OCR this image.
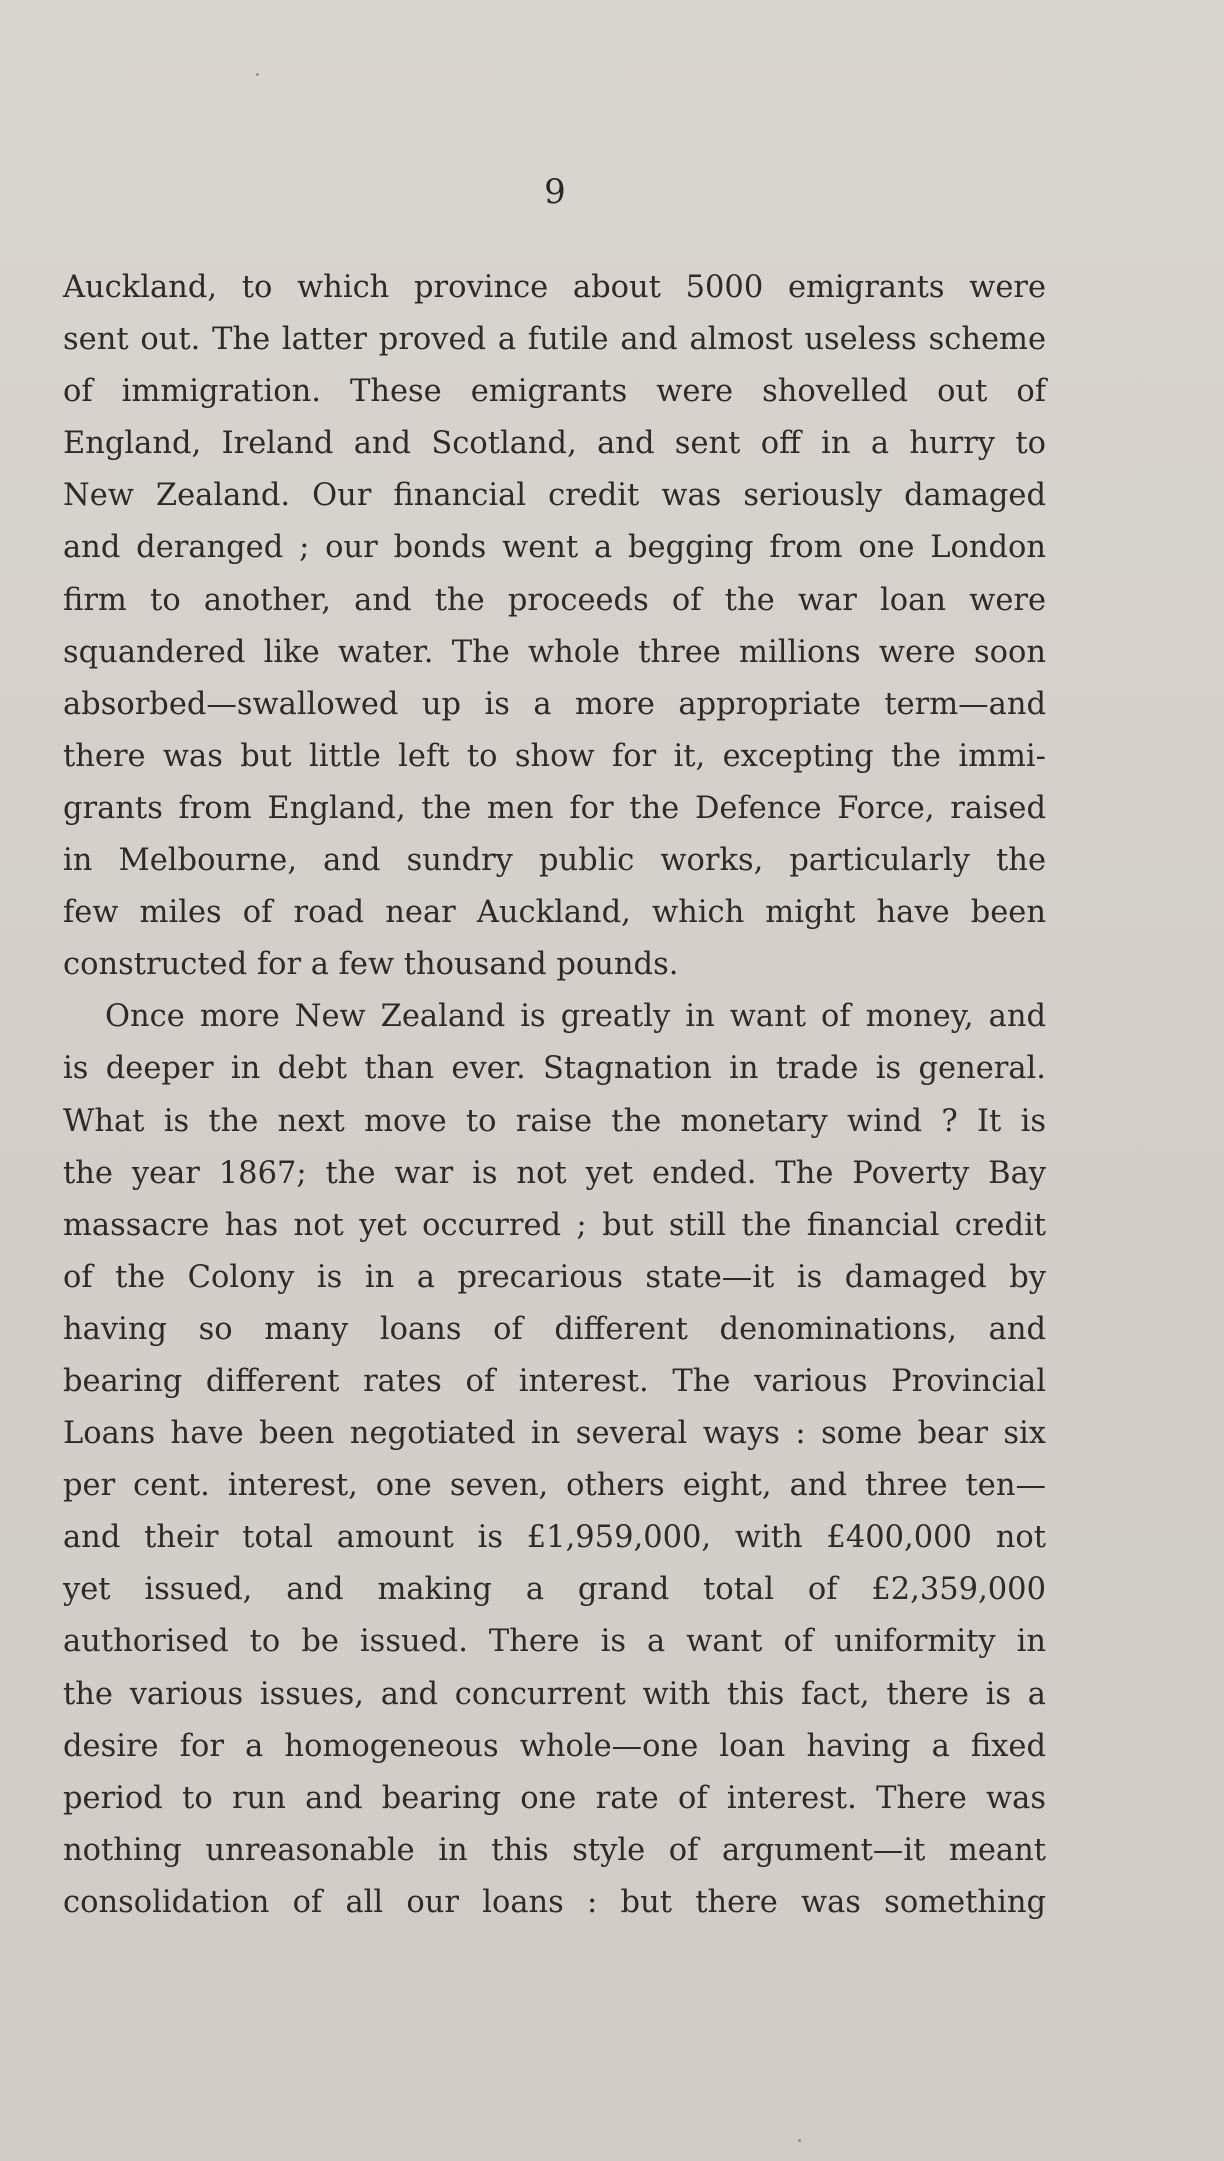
9
Auckland, to which province about 5000 emigrants were
sent out. The latter proved a futile and almost useless scheme
of immigration. These emigrants were shovelled out of
England, Ireland and Scotland, and sent off in a hurry to
New Zealand. Our financial credit was seriously damaged
and deranged ; our bonds went a begging from one London
firm to another, and the proceeds of the war loan were
squandered like water. The whole three millions were soon
absorbed—swallowed up is a more appropriate term—and
there was but little left to show for it, excepting the immi-
grants from England, the men for the Defence Force, raised
in Melbourne, and sundry public works, particularly the
few miles of road near Auckland, which might have been
constructed for a few thousand pounds.
Once more New Zealand is greatly in want of money, and
is deeper in debt than ever. Stagnation in trade is general.
What is the next move to raise the monetary wind ? It is
the year 1867; the war is not yet ended. The Poverty Bay
massacre has not yet occurred ; but still the financial credit
of the Colony is in a precarious state—it is damaged by
having so many loans of different denominations, and
bearing different rates of interest. The various Provincial
Loans have been negotiated in several ways : some bear six
per cent. interest, one seven, others eight, and three ten—
and their total amount is £1,959,000, with £400,000 not
yet issued, and making a grand total of £2,359,000
authorised to be issued. There is a want of uniformity in
the various issues, and concurrent with this fact, there is a
desire for a homogeneous whole—one loan having a fixed
period to run and bearing one rate of interest. There was
nothing unreasonable in this style of argument—it meant
consolidation of all our loans : but there was something
